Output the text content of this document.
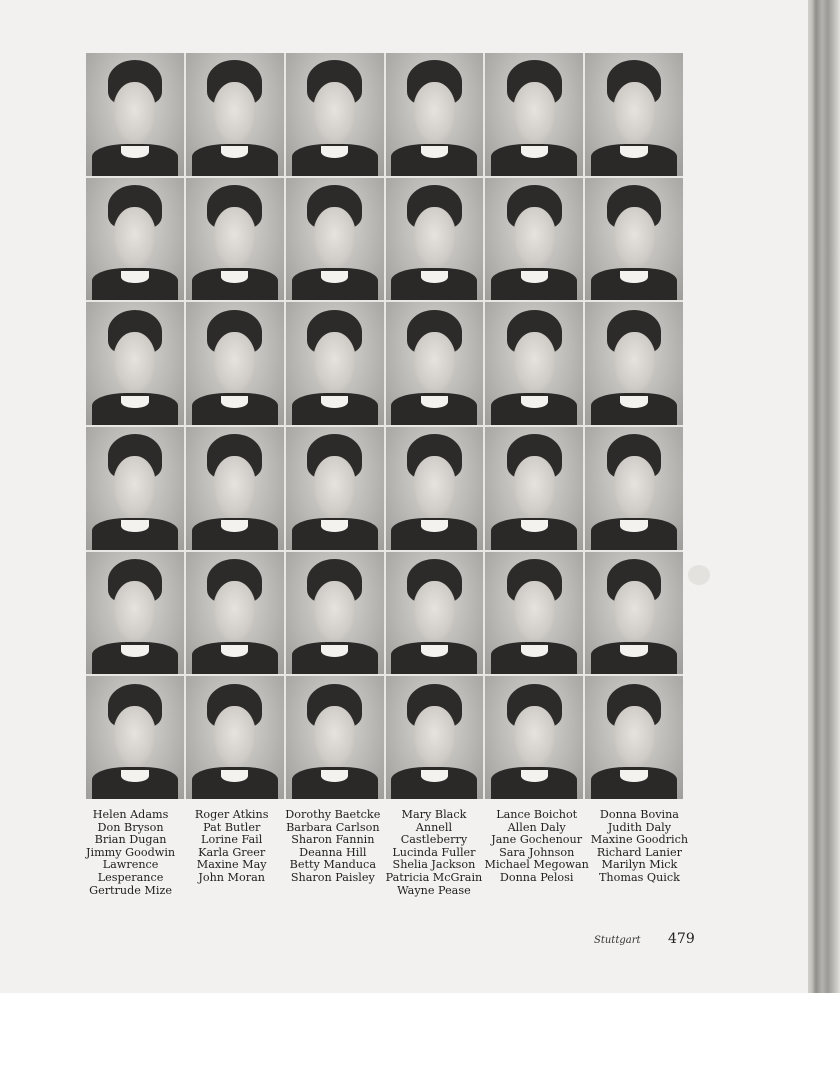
Helen Adams
Don Bryson
Brian Dugan
Jimmy Goodwin
Lawrence
Lesperance
Gertrude Mize
Roger Atkins
Pat Butler
Lorine Fail
Karla Greer
Maxine May
John Moran
Dorothy Baetcke
Barbara Carlson
Sharon Fannin
Deanna Hill
Betty Manduca
Sharon Paisley
Mary Black
Annell
Castleberry
Lucinda Fuller
Shelia Jackson
Patricia McGrain
Wayne Pease
Lance Boichot
Allen Daly
Jane Gochenour
Sara Johnson
Michael Megowan
Donna Pelosi
Donna Bovina
Judith Daly
Maxine Goodrich
Richard Lanier
Marilyn Mick
Thomas Quick
Stuttgart 479
